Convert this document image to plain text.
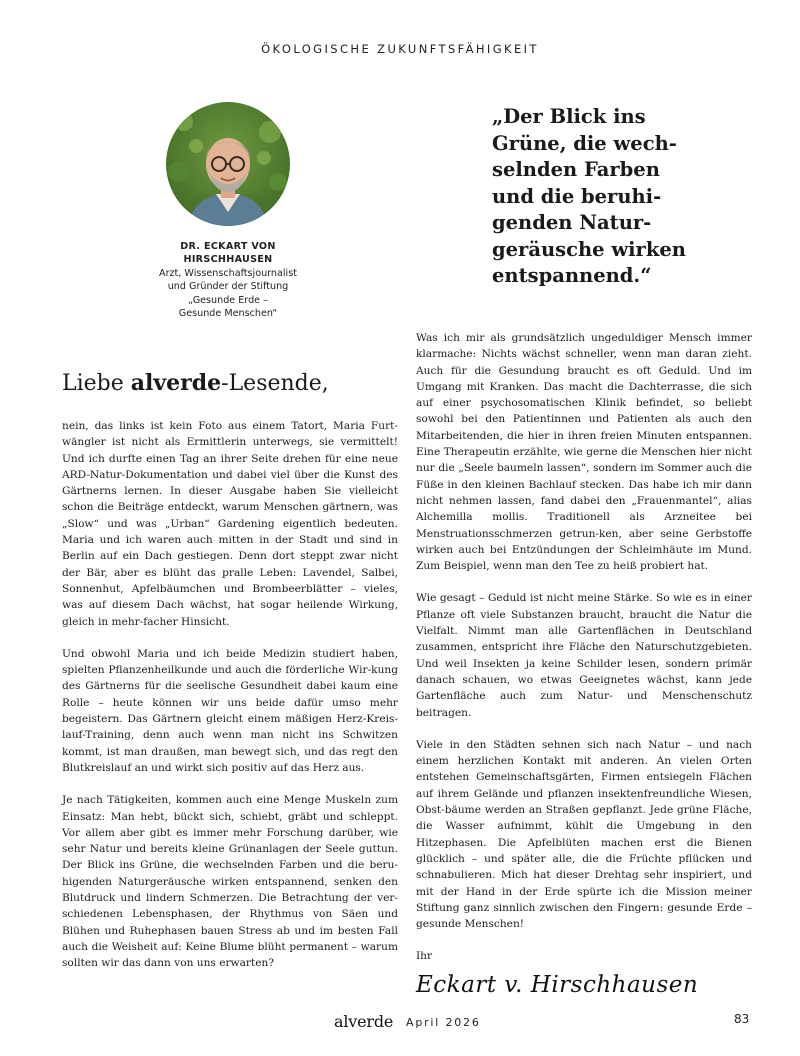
ÖKOLOGISCHE ZUKUNFTSFÄHIGKEIT
DR. ECKART VON
HIRSCHHAUSEN
Arzt, Wissenschaftsjournalist
und Gründer der Stiftung
„Gesunde Erde –
Gesunde Menschen“
„Der Blick ins
Grüne, die wech-
selnden Farben
und die beruhi-
genden Natur-
geräusche wirken
entspannend.“
Liebe alverde-Lesende,

nein, das links ist kein Foto aus einem Tatort, Maria Furt-wängler ist nicht als Ermittlerin unterwegs, sie vermittelt! Und ich durfte einen Tag an ihrer Seite drehen für eine neue ARD-Natur-Dokumentation und dabei viel über die Kunst des Gärtnerns lernen. In dieser Ausgabe haben Sie vielleicht schon die Beiträge entdeckt, warum Menschen gärtnern, was „Slow“ und was „Urban“ Gardening eigentlich bedeuten. Maria und ich waren auch mitten in der Stadt und sind in Berlin auf ein Dach gestiegen. Denn dort steppt zwar nicht der Bär, aber es blüht das pralle Leben: Lavendel, Salbei, Sonnenhut, Apfelbäumchen und Brombeerblätter – vieles, was auf diesem Dach wächst, hat sogar heilende Wirkung, gleich in mehr-facher Hinsicht.

Und obwohl Maria und ich beide Medizin studiert haben, spielten Pflanzenheilkunde und auch die förderliche Wir-kung des Gärtnerns für die seelische Gesundheit dabei kaum eine Rolle – heute können wir uns beide dafür umso mehr begeistern. Das Gärtnern gleicht einem mäßigen Herz-Kreis-lauf-Training, denn auch wenn man nicht ins Schwitzen kommt, ist man draußen, man bewegt sich, und das regt den Blutkreislauf an und wirkt sich positiv auf das Herz aus.

Je nach Tätigkeiten, kommen auch eine Menge Muskeln zum Einsatz: Man hebt, bückt sich, schiebt, gräbt und schleppt. Vor allem aber gibt es immer mehr Forschung darüber, wie sehr Natur und bereits kleine Grünanlagen der Seele guttun. Der Blick ins Grüne, die wechselnden Farben und die beru-higenden Naturgeräusche wirken entspannend, senken den Blutdruck und lindern Schmerzen. Die Betrachtung der ver-schiedenen Lebensphasen, der Rhythmus von Säen und Blühen und Ruhephasen bauen Stress ab und im besten Fall auch die Weisheit auf: Keine Blume blüht permanent – warum sollten wir das dann von uns erwarten?

Was ich mir als grundsätzlich ungeduldiger Mensch immer klarmache: Nichts wächst schneller, wenn man daran zieht. Auch für die Gesundung braucht es oft Geduld. Und im Umgang mit Kranken. Das macht die Dachterrasse, die sich auf einer psychosomatischen Klinik befindet, so beliebt sowohl bei den Patientinnen und Patienten als auch den Mitarbeitenden, die hier in ihren freien Minuten entspannen. Eine Therapeutin erzählte, wie gerne die Menschen hier nicht nur die „Seele baumeln lassen“, sondern im Sommer auch die Füße in den kleinen Bachlauf stecken. Das habe ich mir dann nicht nehmen lassen, fand dabei den „Frauenmantel“, alias Alchemilla mollis. Traditionell als Arzneitee bei Menstruationsschmerzen getrun-ken, aber seine Gerbstoffe wirken auch bei Entzündungen der Schleimhäute im Mund. Zum Beispiel, wenn man den Tee zu heiß probiert hat.

Wie gesagt – Geduld ist nicht meine Stärke. So wie es in einer Pflanze oft viele Substanzen braucht, braucht die Natur die Vielfalt. Nimmt man alle Gartenflächen in Deutschland zusammen, entspricht ihre Fläche den Naturschutzgebieten. Und weil Insekten ja keine Schilder lesen, sondern primär danach schauen, wo etwas Geeignetes wächst, kann jede Gartenfläche auch zum Natur- und Menschenschutz beitragen.

Viele in den Städten sehnen sich nach Natur – und nach einem herzlichen Kontakt mit anderen. An vielen Orten entstehen Gemeinschaftsgärten, Firmen entsiegeln Flächen auf ihrem Gelände und pflanzen insektenfreundliche Wiesen, Obst-bäume werden an Straßen gepflanzt. Jede grüne Fläche, die Wasser aufnimmt, kühlt die Umgebung in den Hitzephasen. Die Apfelblüten machen erst die Bienen glücklich – und später alle, die die Früchte pflücken und schnabulieren. Mich hat dieser Drehtag sehr inspiriert, und mit der Hand in der Erde spürte ich die Mission meiner Stiftung ganz sinnlich zwischen den Fingern: gesunde Erde – gesunde Menschen!

Ihr

Eckart v. Hirschhausen
alverde April 2026	83
